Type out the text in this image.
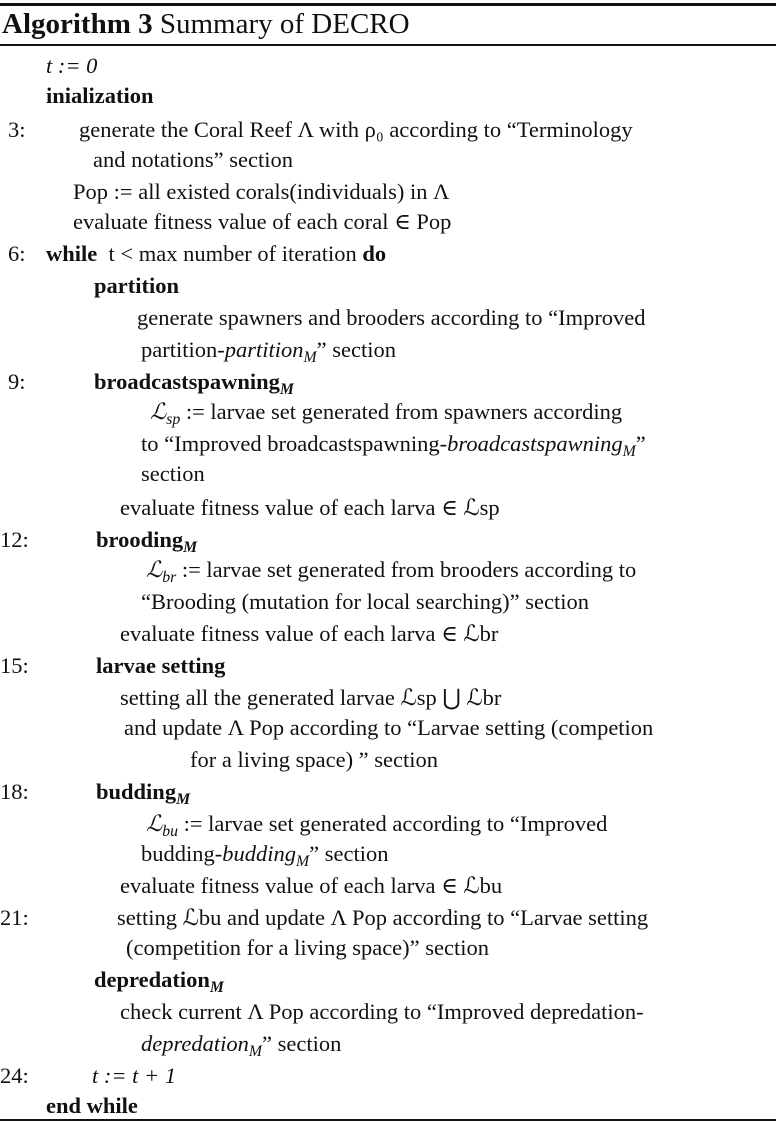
Algorithm 3 Summary of DECRO
3:
6:
9:
12:
15:
18:
21:
24:
t := 0
inialization
generate the Coral Reef Λ with ρ₀ according to “Terminology
and notations” section
Pop := all existed corals(individuals) in Λ
evaluate fitness value of each coral ∈ Pop
while t < max number of iteration do
partition
generate spawners and brooders according to “Improved
partition-partition$_M$” section
broadcastspawning$_M$
ℒ$_{sp}$ := larvae set generated from spawners according
to “Improved broadcastspawning-broadcastspawning$_M$”
section
evaluate fitness value of each larva ∈ ℒsp
brooding$_M$
ℒ$_{br}$ := larvae set generated from brooders according to
“Brooding (mutation for local searching)” section
evaluate fitness value of each larva ∈ ℒbr
larvae setting
setting all the generated larvae ℒsp ⋃ ℒbr
and update Λ Pop according to “Larvae setting (competion
for a living space) ” section
budding$_M$
ℒ$_{bu}$ := larvae set generated according to “Improved
budding-budding$_M$” section
evaluate fitness value of each larva ∈ ℒbu
setting ℒbu and update Λ Pop according to “Larvae setting
(competition for a living space)” section
depredation$_M$
check current Λ Pop according to “Improved depredation-
depredation$_M$” section
t := t + 1
end while
